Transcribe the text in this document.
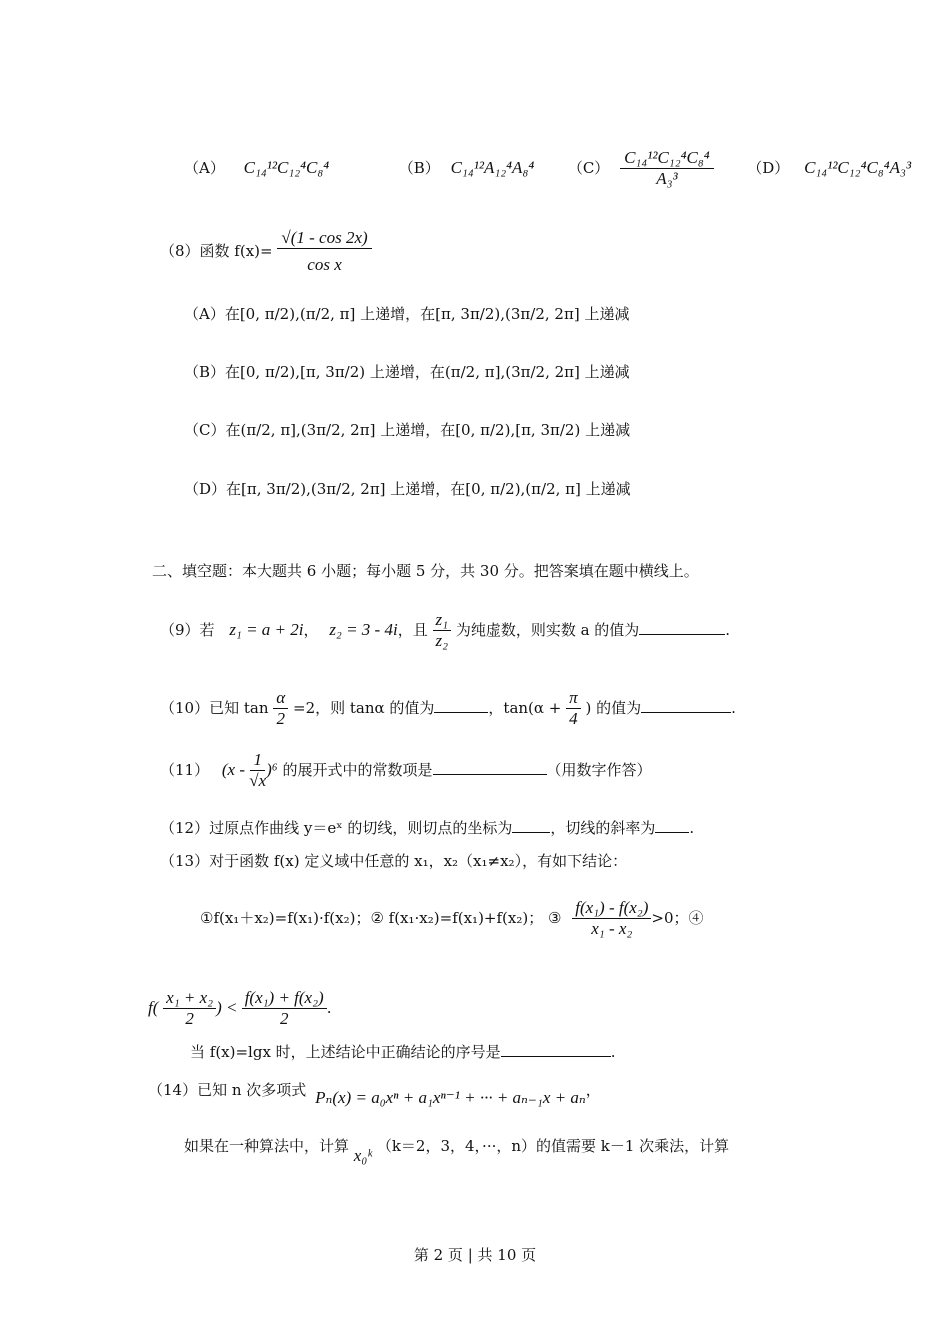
（A） C₁₄¹²C₁₂⁴C₈⁴	（B） C₁₄¹²A₁₂⁴A₈⁴ $(C) \frac{\text{C₁₄¹²C₁₂⁴C₈⁴}}{\text{A₃³}} (D)$ C₁₄¹²C₁₂⁴C₈⁴A₃³
（8）函数 $f(x)= \frac{√(1 - \cos 2x)}{\text{cos x}}$
（A）在[0, π/2),(π/2, π] 上递增，在[π, 3π/2),(3π/2, 2π] 上递减
（B）在[0, π/2),[π, 3π/2) 上递增，在(π/2, π],(3π/2, 2π] 上递减
（C）在(π/2, π],(3π/2, 2π] 上递增，在[0, π/2),[π, 3π/2) 上递减
（D）在[π, 3π/2),(3π/2, 2π] 上递增，在[0, π/2),(π/2, π] 上递减
二、填空题：本大题共 6 小题；每小题 5 分，共 30 分。把答案填在题中横线上。
（9）若 z₁ = a + 2i， z₂ = 3 - 4i，且 $\frac{\text{z₁}}{\text{z₂}}$ 为纯虚数，则实数 a 的值为	.
（10）已知 $\tan \frac{\alpha}{2} =2$，则 tanα 的值为	，$\tan(\alpha + \frac{\pi}{4}$ ) 的值为	.
（11） $(x - \frac{1}{√x} )^6$ 的展开式中的常数项是	（用数字作答）
（12）过原点作曲线 y＝eˣ 的切线，则切点的坐标为	，切线的斜率为 .
（13）对于函数 f(x) 定义域中任意的 x₁，x₂（x₁≠x₂），有如下结论：
①f(x₁＋x₂)=f(x₁)·f(x₂)；② f(x₁·x₂)=f(x₁)+f(x₂)； ③ $\frac{\text{f(x₁) - f(x₂)}}{\text{x₁ - x₂}} >0$；④
$f( \frac{\text{x₁ + x₂}}{2}$ ) < $\frac{\text{f(x₁) + f(x₂)}}{2}$ .
当 f(x)=lgx 时，上述结论中正确结论的序号是	.
（14）已知 n 次多项式 Pₙ(x) = a₀xⁿ + a₁xⁿ⁻¹ + ··· + aₙ₋₁x + aₙ，
如果在一种算法中，计算 x₀ᵏ （k＝2，3，4，···，n）的值需要 k－1 次乘法，计算
第 2 页 | 共 10 页
